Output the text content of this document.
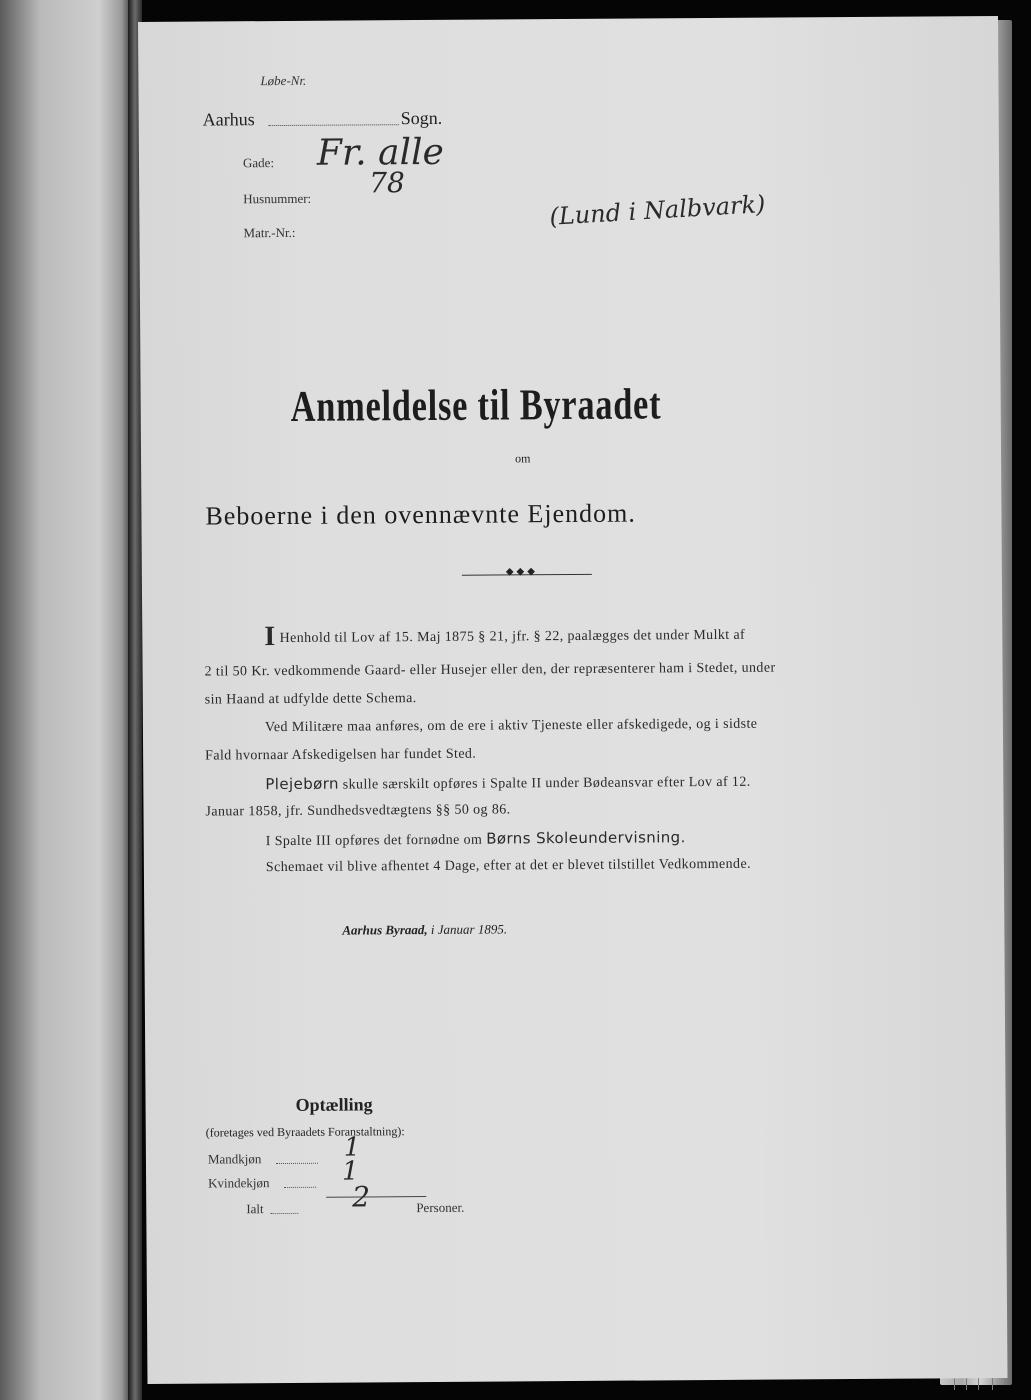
Løbe-Nr.
Aarhus	Sogn.
Gade: Fr. alle
Husnummer: 78
Matr.-Nr.:
(Lund i Nalbvark)
Anmeldelse til Byraadet
om
Beboerne i den ovennævnte Ejendom.
◆◆◆
I Henhold til Lov af 15. Maj 1875 § 21, jfr. § 22, paalægges det under Mulkt af
2 til 50 Kr. vedkommende Gaard- eller Husejer eller den, der repræsenterer ham i Stedet, under
sin Haand at udfylde dette Schema.
Ved Militære maa anføres, om de ere i aktiv Tjeneste eller afskedigede, og i sidste
Fald hvornaar Afskedigelsen har fundet Sted.
Plejebørn skulle særskilt opføres i Spalte II under Bødeansvar efter Lov af 12.
Januar 1858, jfr. Sundhedsvedtægtens §§ 50 og 86.
I Spalte III opføres det fornødne om Børns Skoleundervisning.
Schemaet vil blive afhentet 4 Dage, efter at det er blevet tilstillet Vedkommende.
Aarhus Byraad, i Januar 1895.
Optælling
(foretages ved Byraadets Foranstaltning):
Mandkjøn	1
Kvindekjøn	1
Ialt	2	Personer.
